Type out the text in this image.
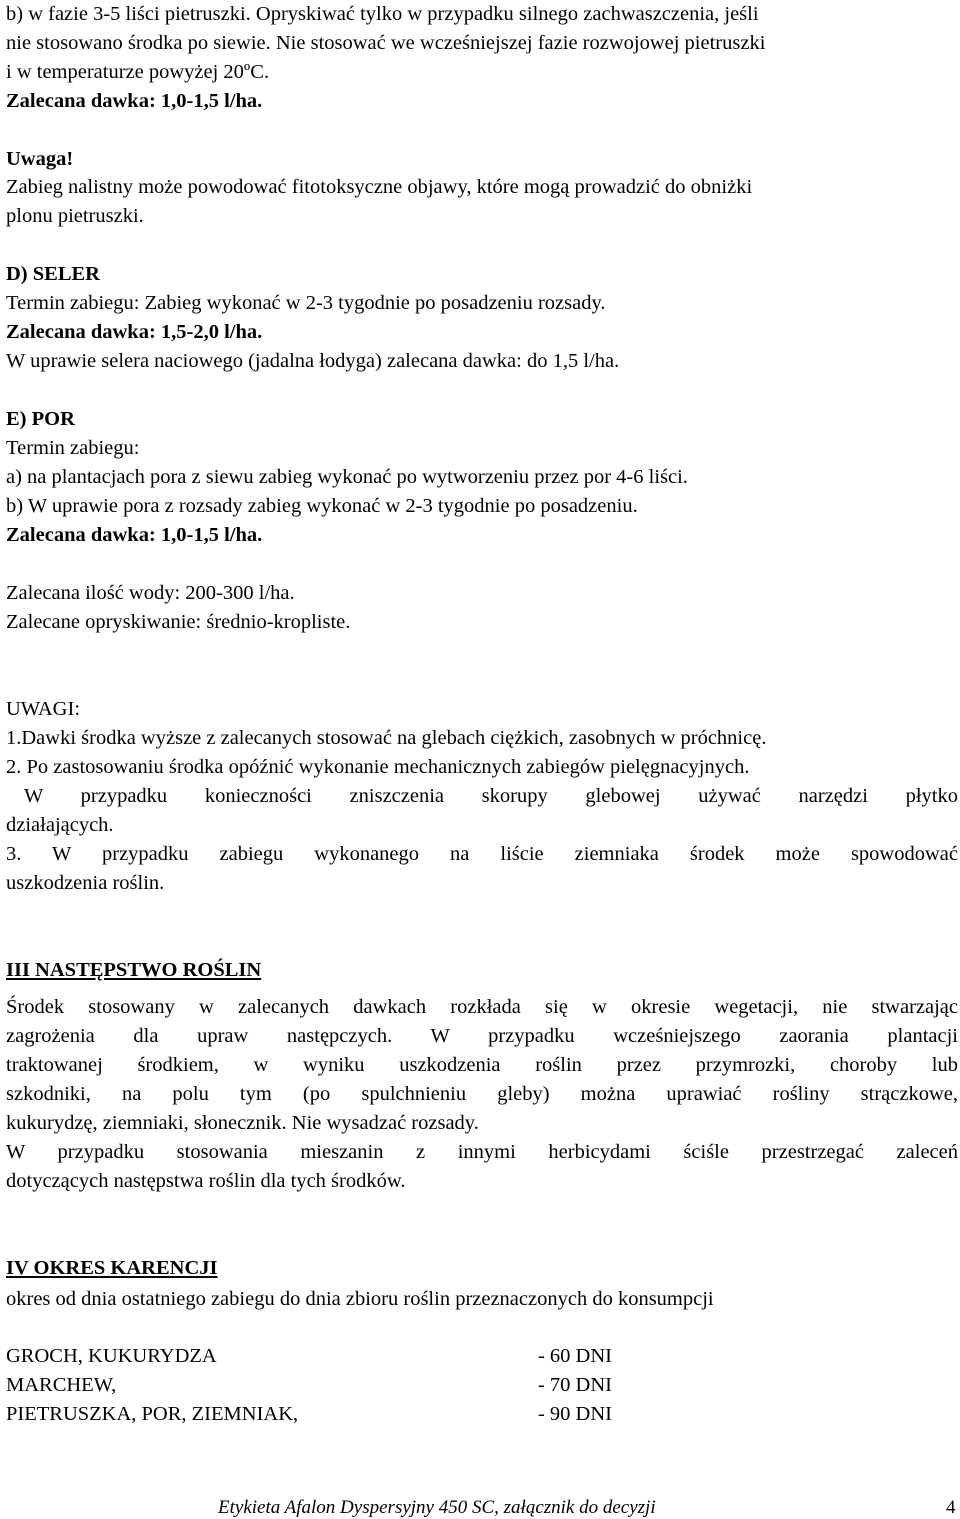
b) w fazie 3-5 liści pietruszki. Opryskiwać tylko w przypadku silnego zachwaszczenia, jeśli
nie stosowano środka po siewie. Nie stosować we wcześniejszej fazie rozwojowej pietruszki
i w temperaturze powyżej 20ºC.
Zalecana dawka: 1,0-1,5 l/ha.
Uwaga!
Zabieg nalistny może powodować fitotoksyczne objawy, które mogą prowadzić do obniżki
plonu pietruszki.
D) SELER
Termin zabiegu: Zabieg wykonać w 2-3 tygodnie po posadzeniu rozsady.
Zalecana dawka: 1,5-2,0 l/ha.
W uprawie selera naciowego (jadalna łodyga) zalecana dawka: do 1,5 l/ha.
E) POR
Termin zabiegu:
a) na plantacjach pora z siewu zabieg wykonać po wytworzeniu przez por 4-6 liści.
b) W uprawie pora z rozsady zabieg wykonać w 2-3 tygodnie po posadzeniu.
Zalecana dawka: 1,0-1,5 l/ha.
Zalecana ilość wody: 200-300 l/ha.
Zalecane opryskiwanie: średnio-kropliste.
UWAGI:
1.Dawki środka wyższe z zalecanych stosować na glebach ciężkich, zasobnych w próchnicę.
2. Po zastosowaniu środka opóźnić wykonanie mechanicznych zabiegów pielęgnacyjnych.
W przypadku konieczności zniszczenia skorupy glebowej używać narzędzi płytko
działających.
3. W przypadku zabiegu wykonanego na liście ziemniaka środek może spowodować
uszkodzenia roślin.
III NASTĘPSTWO ROŚLIN
Środek stosowany w zalecanych dawkach rozkłada się w okresie wegetacji, nie stwarzając
zagrożenia dla upraw następczych. W przypadku wcześniejszego zaorania plantacji
traktowanej środkiem, w wyniku uszkodzenia roślin przez przymrozki, choroby lub
szkodniki, na polu tym (po spulchnieniu gleby) można uprawiać rośliny strączkowe,
kukurydzę, ziemniaki, słonecznik. Nie wysadzać rozsady.
W przypadku stosowania mieszanin z innymi herbicydami ściśle przestrzegać zaleceń
dotyczących następstwa roślin dla tych środków.
IV OKRES KARENCJI
okres od dnia ostatniego zabiegu do dnia zbioru roślin przeznaczonych do konsumpcji
GROCH, KUKURYDZA	- 60 DNI
MARCHEW,	- 70 DNI
PIETRUSZKA, POR, ZIEMNIAK,	- 90 DNI
Etykieta Afalon Dyspersyjny 450 SC, załącznik do decyzji	4
